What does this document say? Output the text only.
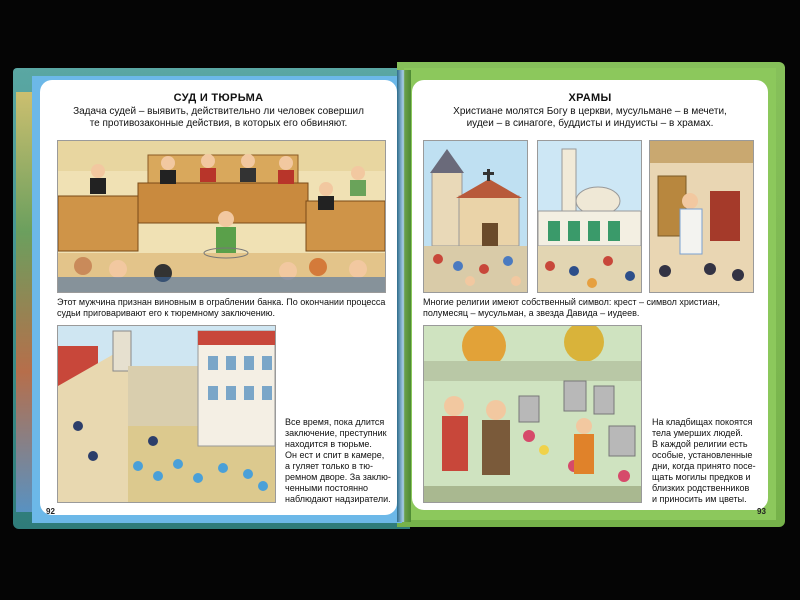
СУД И ТЮРЬМА
Задача судей – выявить, действительно ли человек совершил
те противозаконные действия, в которых его обвиняют.
Этот мужчина признан виновным в ограблении банка. По окончании процесса
судьи приговаривают его к тюремному заключению.
Все время, пока длится
заключение, преступник
находится в тюрьме.
Он ест и спит в камере,
а гуляет только в тю-
ремном дворе. За заклю-
ченными постоянно
наблюдают надзиратели.
92
ХРАМЫ
Христиане молятся Богу в церкви, мусульмане – в мечети,
иудеи – в синагоге, буддисты и индуисты – в храмах.
Многие религии имеют собственный символ: крест – символ христиан,
полумесяц – мусульман, а звезда Давида – иудеев.
На кладбищах покоятся
тела умерших людей.
В каждой религии есть
особые, установленные
дни, когда принято посе-
щать могилы предков и
близких родственников
и приносить им цветы.
93
